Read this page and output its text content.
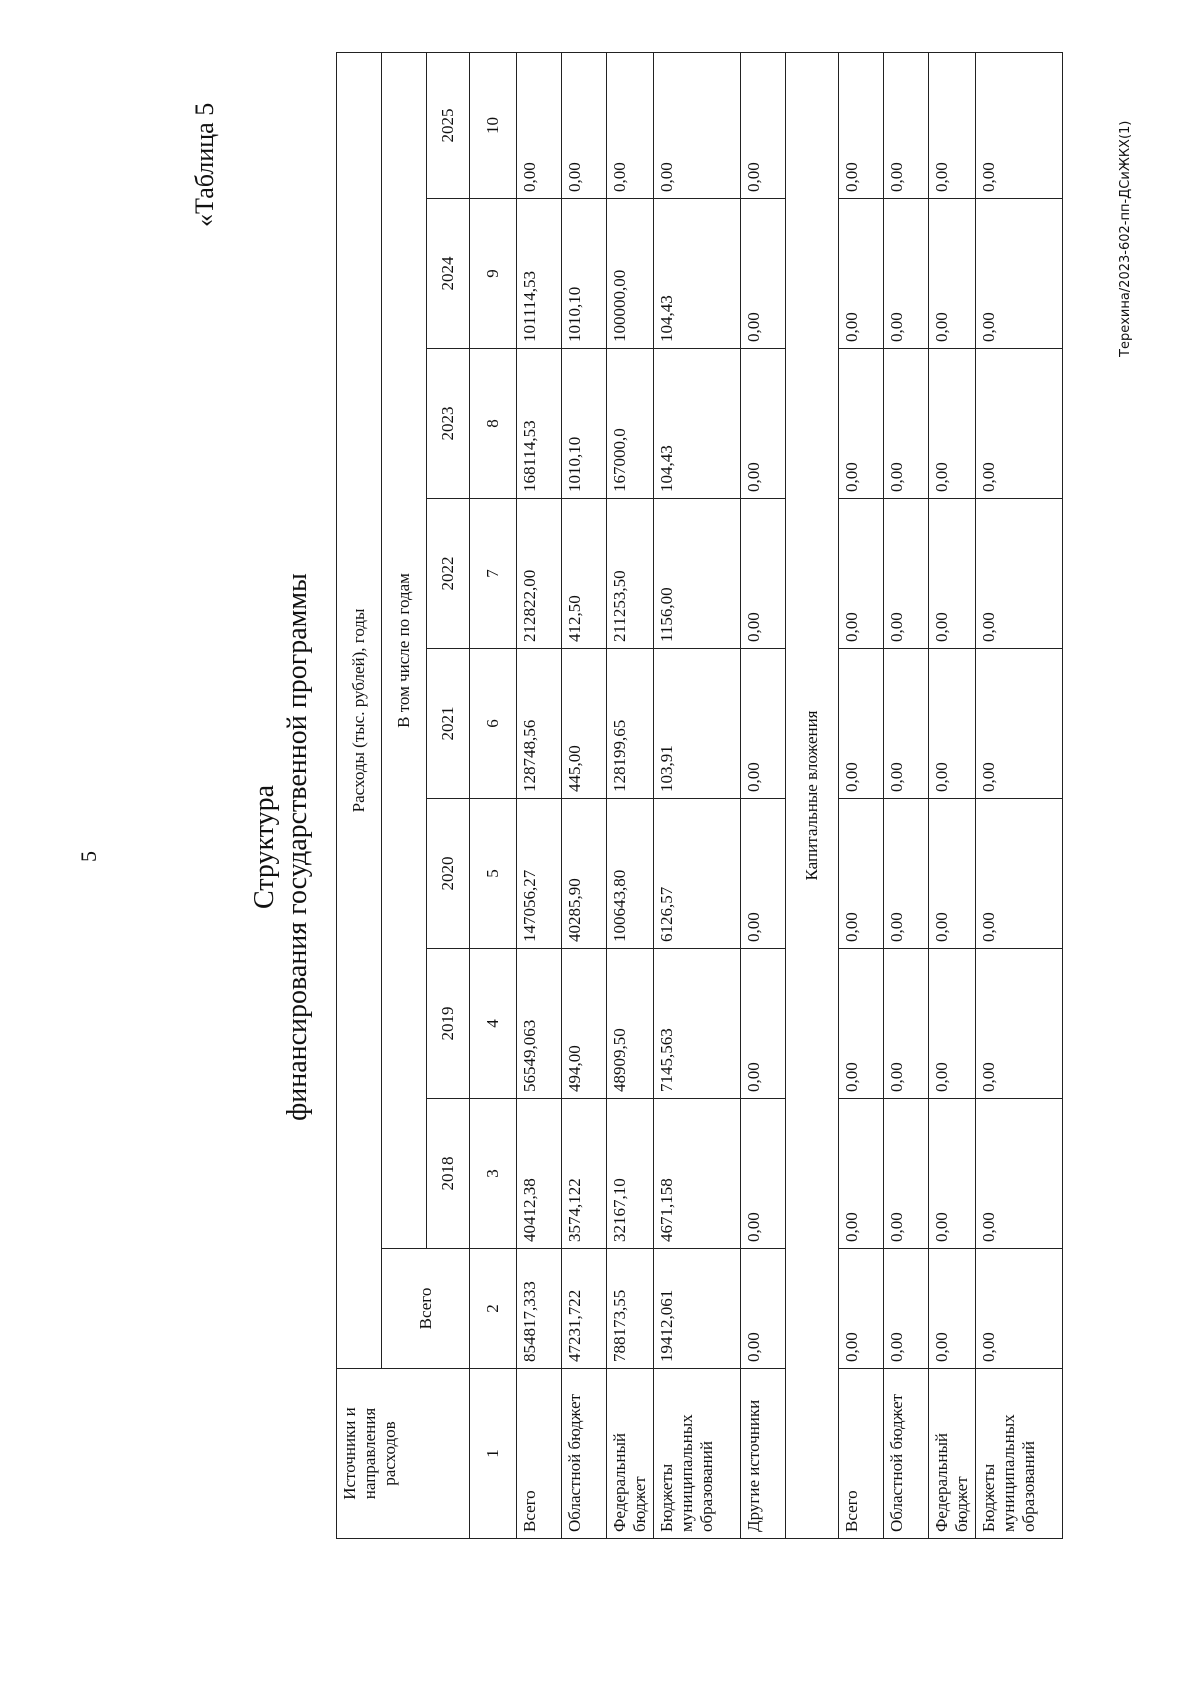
5
«Таблица 5
Структура финансирования государственной программы
Источники и направления расходов	Расходы (тыс. рублей), годы								
	Всего	В том числе по годам							
		2018	2019	2020	2021	2022	2023	2024	2025
1	2	3	4	5	6	7	8	9	10
Всего	854817,333	40412,38	56549,063	147056,27	128748,56	212822,00	168114,53	101114,53	0,00
Областной бюджет	47231,722	3574,122	494,00	40285,90	445,00	412,50	1010,10	1010,10	0,00
Федеральный бюджет	788173,55	32167,10	48909,50	100643,80	128199,65	211253,50	167000,0	100000,00	0,00
Бюджеты муниципальных образований	19412,061	4671,158	7145,563	6126,57	103,91	1156,00	104,43	104,43	0,00
Другие источники	0,00	0,00	0,00	0,00	0,00	0,00	0,00	0,00	0,00
Капитальные вложения									
Всего	0,00	0,00	0,00	0,00	0,00	0,00	0,00	0,00	0,00
Областной бюджет	0,00	0,00	0,00	0,00	0,00	0,00	0,00	0,00	0,00
Федеральный бюджет	0,00	0,00	0,00	0,00	0,00	0,00	0,00	0,00	0,00
Бюджеты муниципальных образований	0,00	0,00	0,00	0,00	0,00	0,00	0,00	0,00	0,00	Терехина/2023-602-пп-ДСиЖКХ(1)
